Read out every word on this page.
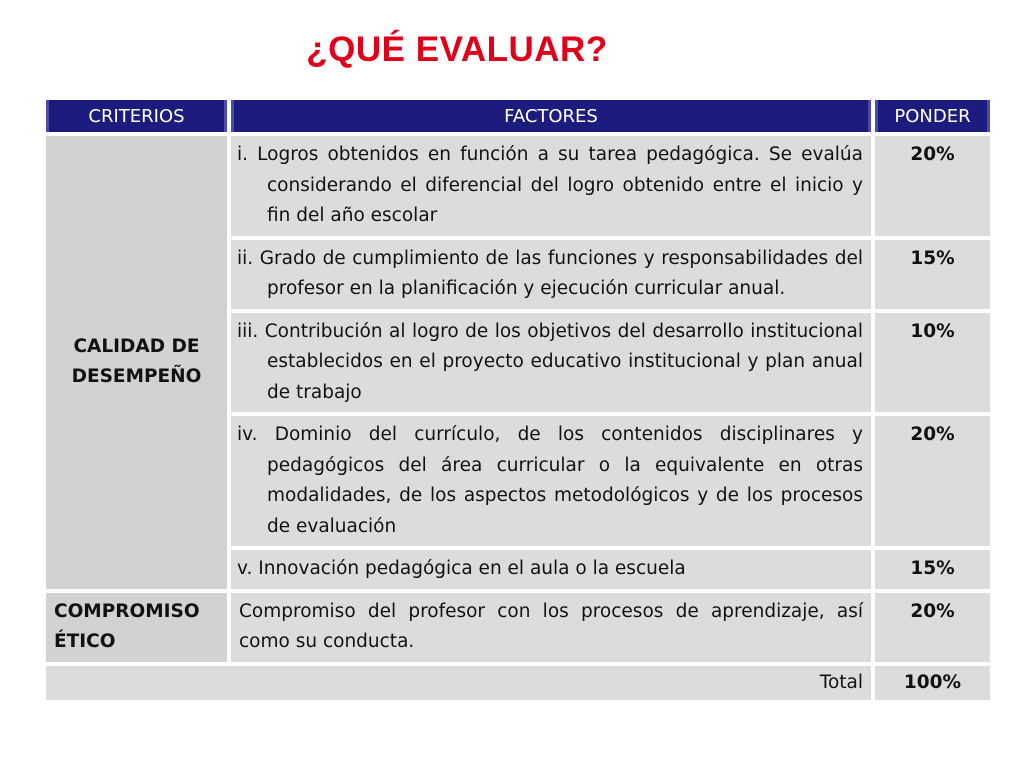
¿QUÉ EVALUAR?
CRITERIOS	FACTORES	PONDER
CALIDAD DE DESEMPEÑO	i. Logros obtenidos en función a su tarea pedagógica. Se evalúa considerando el diferencial del logro obtenido entre el inicio y fin del año escolar	20%
	ii. Grado de cumplimiento de las funciones y responsabilidades del profesor en la planificación y ejecución curricular anual.	15%
	iii. Contribución al logro de los objetivos del desarrollo institucional establecidos en el proyecto educativo institucional y plan anual de trabajo	10%
	iv. Dominio del currículo, de los contenidos disciplinares y pedagógicos del área curricular o la equivalente en otras modalidades, de los aspectos metodológicos y de los procesos de evaluación	20%
	v. Innovación pedagógica en el aula o la escuela	15%
COMPROMISO ÉTICO	Compromiso del profesor con los procesos de aprendizaje, así como su conducta.	20%
Total		100%
